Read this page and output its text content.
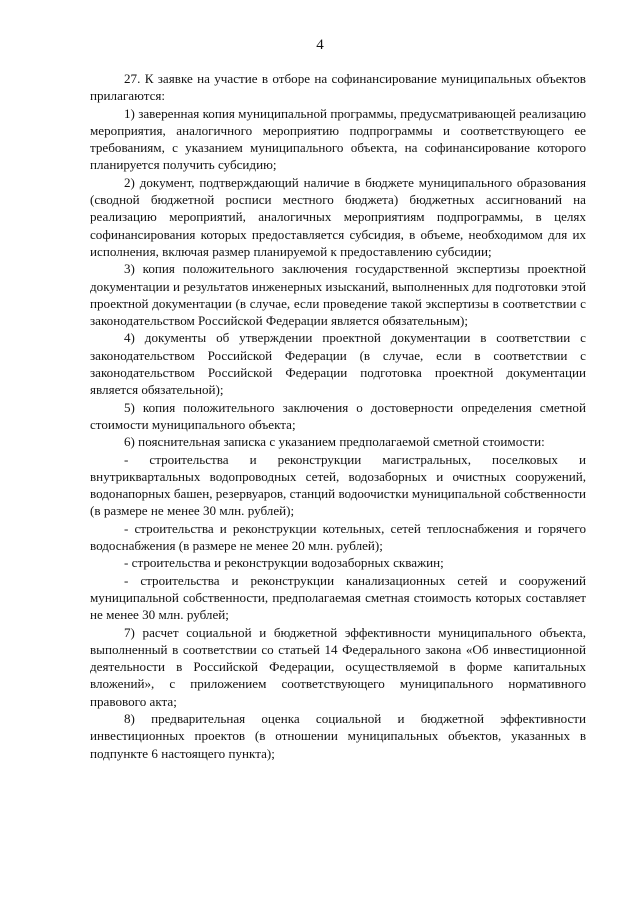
4

27. К заявке на участие в отборе на софинансирование муниципальных объектов прилагаются:

1) заверенная копия муниципальной программы, предусматривающей реализацию мероприятия, аналогичного мероприятию подпрограммы и соответствующего ее требованиям, с указанием муниципального объекта, на софинансирование которого планируется получить субсидию;

2) документ, подтверждающий наличие в бюджете муниципального образования (сводной бюджетной росписи местного бюджета) бюджетных ассигнований на реализацию мероприятий, аналогичных мероприятиям подпрограммы, в целях софинансирования которых предоставляется субсидия, в объеме, необходимом для их исполнения, включая размер планируемой к предоставлению субсидии;

3) копия положительного заключения государственной экспертизы проектной документации и результатов инженерных изысканий, выполненных для подготовки этой проектной документации (в случае, если проведение такой экспертизы в соответствии с законодательством Российской Федерации является обязательным);

4) документы об утверждении проектной документации в соответствии с законодательством Российской Федерации (в случае, если в соответствии с законодательством Российской Федерации подготовка проектной документации является обязательной);

5) копия положительного заключения о достоверности определения сметной стоимости муниципального объекта;

6) пояснительная записка с указанием предполагаемой сметной стоимости:

- строительства и реконструкции магистральных, поселковых и внутриквартальных водопроводных сетей, водозаборных и очистных сооружений, водонапорных башен, резервуаров, станций водоочистки муниципальной собственности (в размере не менее 30 млн. рублей);

- строительства и реконструкции котельных, сетей теплоснабжения и горячего водоснабжения (в размере не менее 20 млн. рублей);

- строительства и реконструкции водозаборных скважин;

- строительства и реконструкции канализационных сетей и сооружений муниципальной собственности, предполагаемая сметная стоимость которых составляет не менее 30 млн. рублей;

7) расчет социальной и бюджетной эффективности муниципального объекта, выполненный в соответствии со статьей 14 Федерального закона «Об инвестиционной деятельности в Российской Федерации, осуществляемой в форме капитальных вложений», с приложением соответствующего муниципального нормативного правового акта;

8) предварительная оценка социальной и бюджетной эффективности инвестиционных проектов (в отношении муниципальных объектов, указанных в подпункте 6 настоящего пункта);
